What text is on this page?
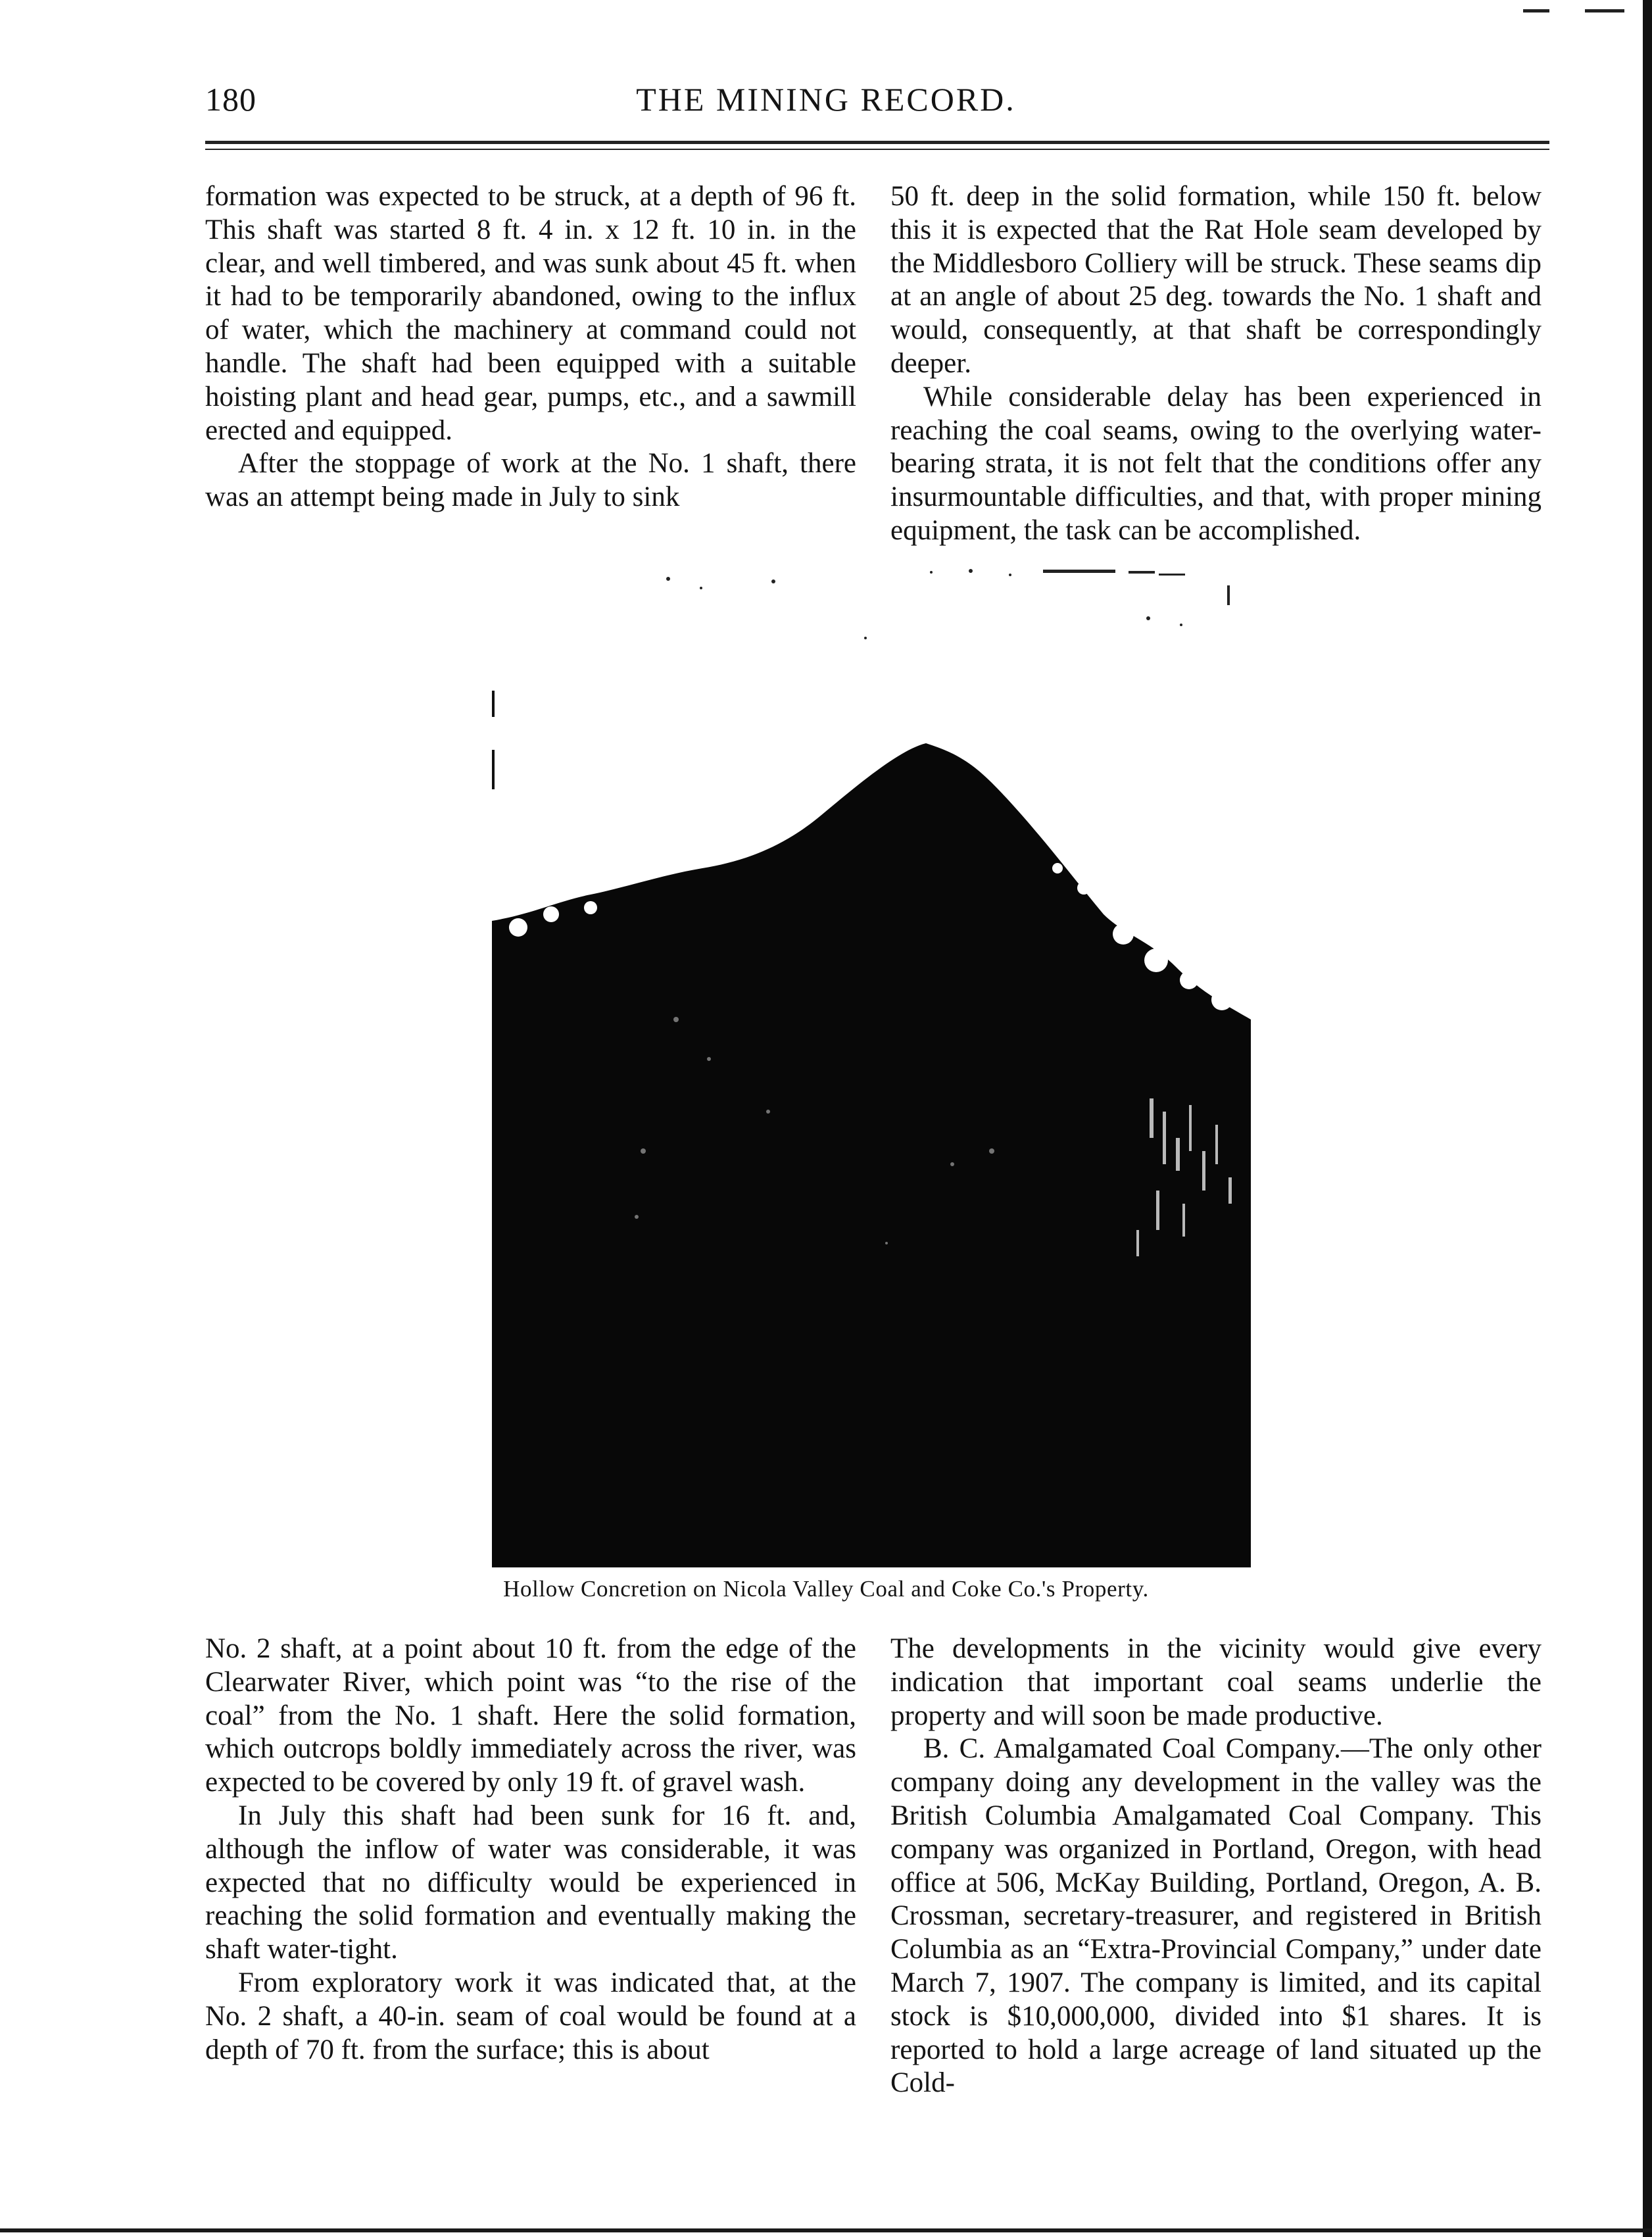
180	THE MINING RECORD.

formation was expected to be struck, at a depth of 96 ft. This shaft was started 8 ft. 4 in. x 12 ft. 10 in. in the clear, and well timbered, and was sunk about 45 ft. when it had to be temporarily abandoned, owing to the influx of water, which the machinery at command could not handle. The shaft had been equipped with a suitable hoisting plant and head gear, pumps, etc., and a sawmill erected and equipped.

After the stoppage of work at the No. 1 shaft, there was an attempt being made in July to sink

50 ft. deep in the solid formation, while 150 ft. below this it is expected that the Rat Hole seam developed by the Middlesboro Colliery will be struck. These seams dip at an angle of about 25 deg. towards the No. 1 shaft and would, consequently, at that shaft be correspondingly deeper.

While considerable delay has been experienced in reaching the coal seams, owing to the overlying water-bearing strata, it is not felt that the conditions offer any insurmountable difficulties, and that, with proper mining equipment, the task can be accomplished.

Hollow Concretion on Nicola Valley Coal and Coke Co.'s Property.

No. 2 shaft, at a point about 10 ft. from the edge of the Clearwater River, which point was “to the rise of the coal” from the No. 1 shaft. Here the solid formation, which outcrops boldly immediately across the river, was expected to be covered by only 19 ft. of gravel wash.

In July this shaft had been sunk for 16 ft. and, although the inflow of water was considerable, it was expected that no difficulty would be experienced in reaching the solid formation and eventually making the shaft water-tight.

From exploratory work it was indicated that, at the No. 2 shaft, a 40-in. seam of coal would be found at a depth of 70 ft. from the surface; this is about

The developments in the vicinity would give every indication that important coal seams underlie the property and will soon be made productive.

B. C. Amalgamated Coal Company.—The only other company doing any development in the valley was the British Columbia Amalgamated Coal Company. This company was organized in Portland, Oregon, with head office at 506, McKay Building, Portland, Oregon, A. B. Crossman, secretary-treasurer, and registered in British Columbia as an “Extra-Provincial Company,” under date March 7, 1907. The company is limited, and its capital stock is $10,000,000, divided into $1 shares. It is reported to hold a large acreage of land situated up the Cold-
